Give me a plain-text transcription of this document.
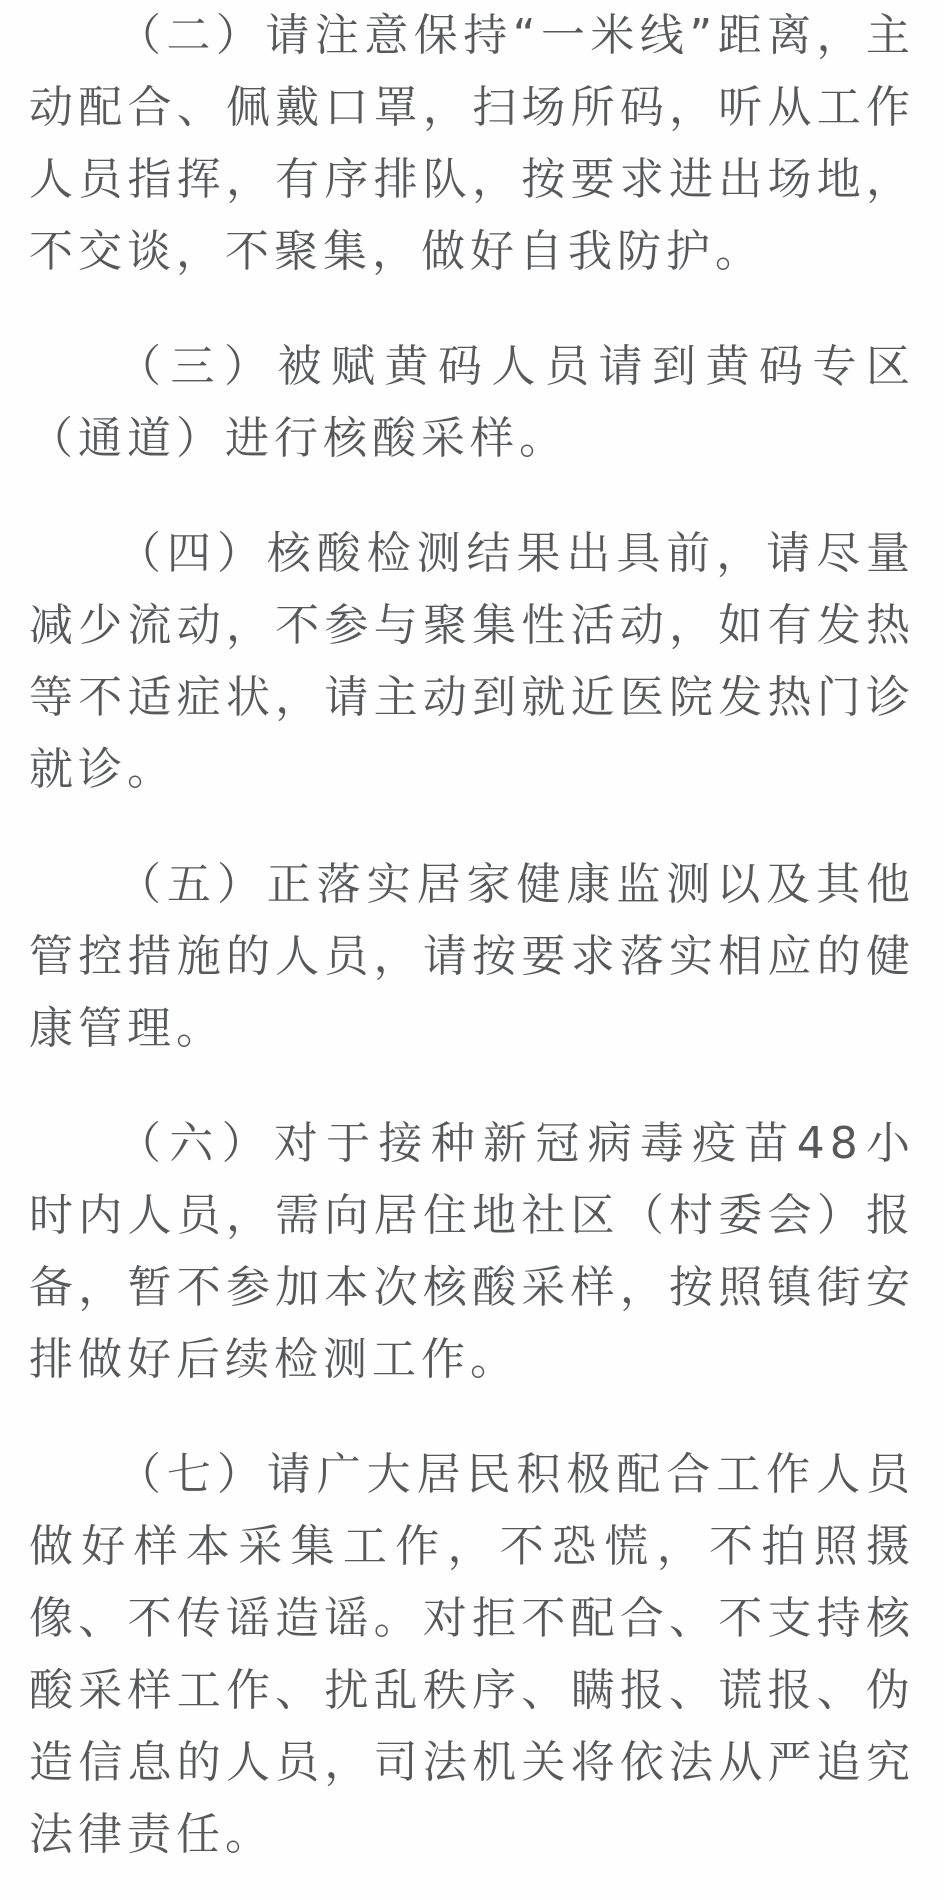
（二）请注意保持“一米线”距离，主动配合、佩戴口罩，扫场所码，听从工作人员指挥，有序排队，按要求进出场地，不交谈，不聚集，做好自我防护。

（三）被赋黄码人员请到黄码专区（通道）进行核酸采样。

（四）核酸检测结果出具前，请尽量减少流动，不参与聚集性活动，如有发热等不适症状，请主动到就近医院发热门诊就诊。

（五）正落实居家健康监测以及其他管控措施的人员，请按要求落实相应的健康管理。

（六）对于接种新冠病毒疫苗48小时内人员，需向居住地社区（村委会）报备，暂不参加本次核酸采样，按照镇街安排做好后续检测工作。

（七）请广大居民积极配合工作人员做好样本采集工作，不恐慌，不拍照摄像、不传谣造谣。对拒不配合、不支持核酸采样工作、扰乱秩序、瞒报、谎报、伪造信息的人员，司法机关将依法从严追究法律责任。
